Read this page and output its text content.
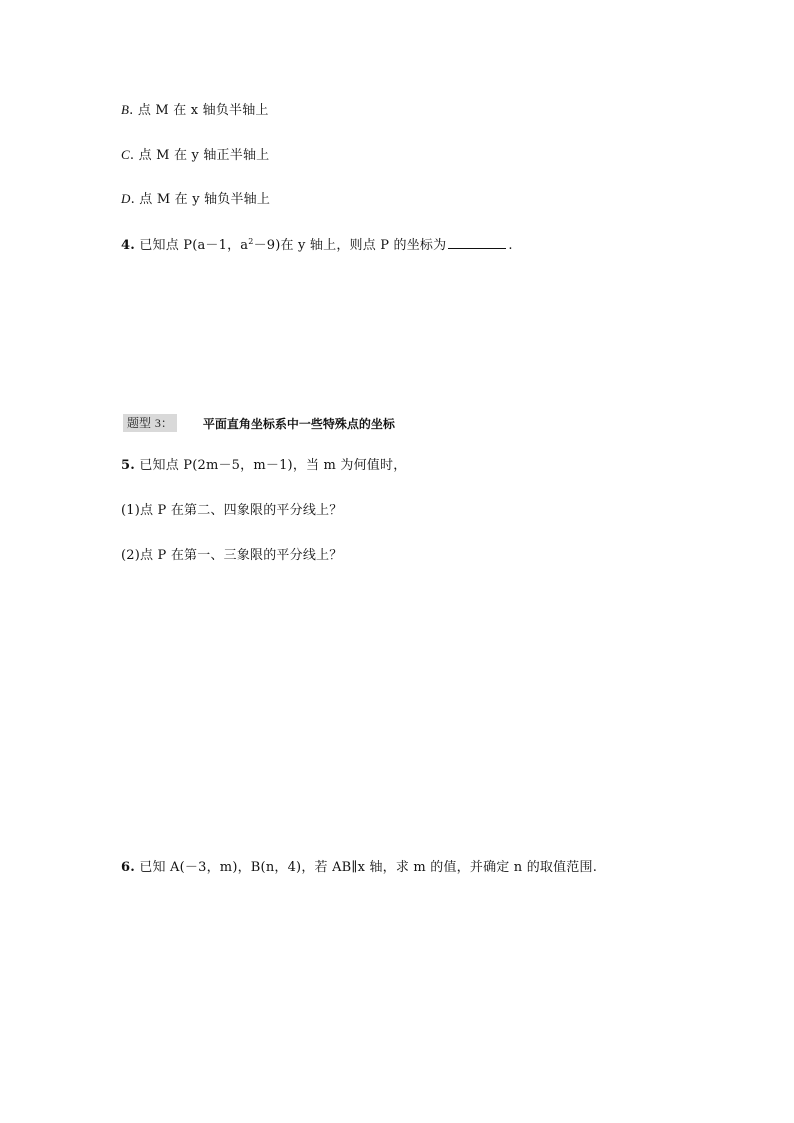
B. 点 M 在 x 轴负半轴上
C. 点 M 在 y 轴正半轴上
D. 点 M 在 y 轴负半轴上
4. 已知点 P(a－1，$a^2-9$)在 y 轴上，则点 P 的坐标为	.
题型 3：	平面直角坐标系中一些特殊点的坐标
5. 已知点 P(2m－5，m－1)，当 m 为何值时，
(1)点 P 在第二、四象限的平分线上？
(2)点 P 在第一、三象限的平分线上？
6. 已知 A(－3，m)，B(n，4)，若 AB∥x 轴，求 m 的值，并确定 n 的取值范围.
